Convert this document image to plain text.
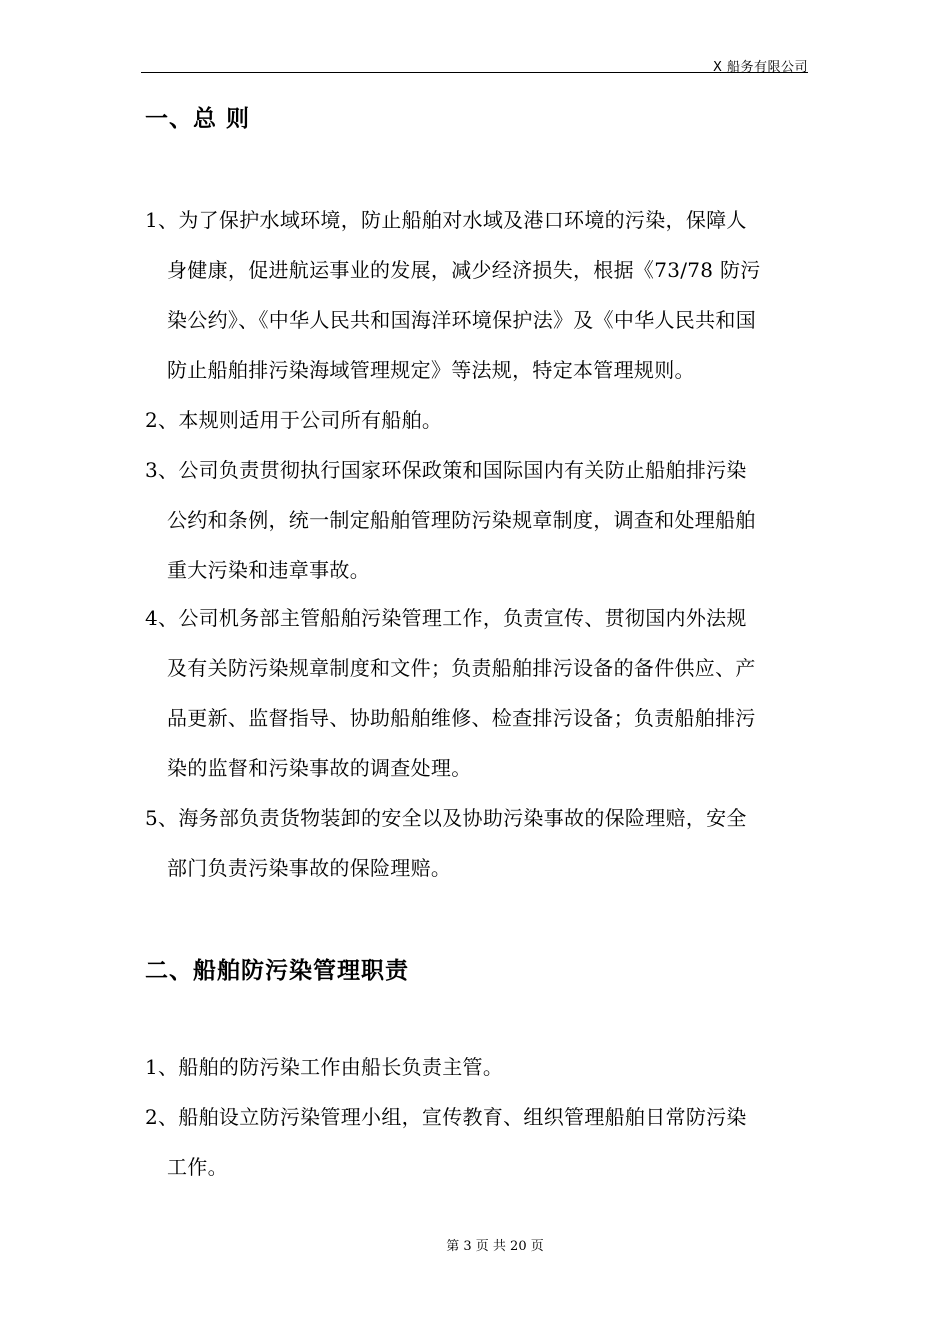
X 船务有限公司
一、总 则
1、为了保护水域环境，防止船舶对水域及港口环境的污染，保障人
身健康，促进航运事业的发展，减少经济损失，根据《73/78 防污
染公约》、《中华人民共和国海洋环境保护法》及《中华人民共和国
防止船舶排污染海域管理规定》等法规，特定本管理规则。
2、本规则适用于公司所有船舶。
3、公司负责贯彻执行国家环保政策和国际国内有关防止船舶排污染
公约和条例，统一制定船舶管理防污染规章制度，调查和处理船舶
重大污染和违章事故。
4、公司机务部主管船舶污染管理工作，负责宣传、贯彻国内外法规
及有关防污染规章制度和文件；负责船舶排污设备的备件供应、产
品更新、监督指导、协助船舶维修、检查排污设备；负责船舶排污
染的监督和污染事故的调查处理。
5、海务部负责货物装卸的安全以及协助污染事故的保险理赔，安全
部门负责污染事故的保险理赔。
二、船舶防污染管理职责
1、船舶的防污染工作由船长负责主管。
2、船舶设立防污染管理小组，宣传教育、组织管理船舶日常防污染
工作。
第 3 页 共 20 页
